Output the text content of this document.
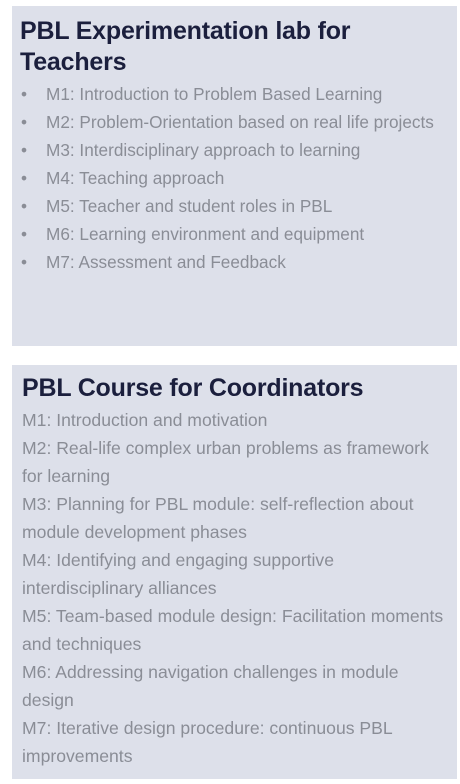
PBL Experimentation lab for Teachers
• M1: Introduction to Problem Based Learning
• M2: Problem-Orientation based on real life projects
• M3: Interdisciplinary approach to learning
• M4: Teaching approach
• M5: Teacher and student roles in PBL
• M6: Learning environment and equipment
• M7: Assessment and Feedback
PBL Course for Coordinators
M1: Introduction and motivation
M2: Real-life complex urban problems as framework for learning
M3: Planning for PBL module: self-reflection about module development phases
M4: Identifying and engaging supportive interdisciplinary alliances
M5: Team-based module design: Facilitation moments and techniques
M6: Addressing navigation challenges in module design
M7: Iterative design procedure: continuous PBL improvements
